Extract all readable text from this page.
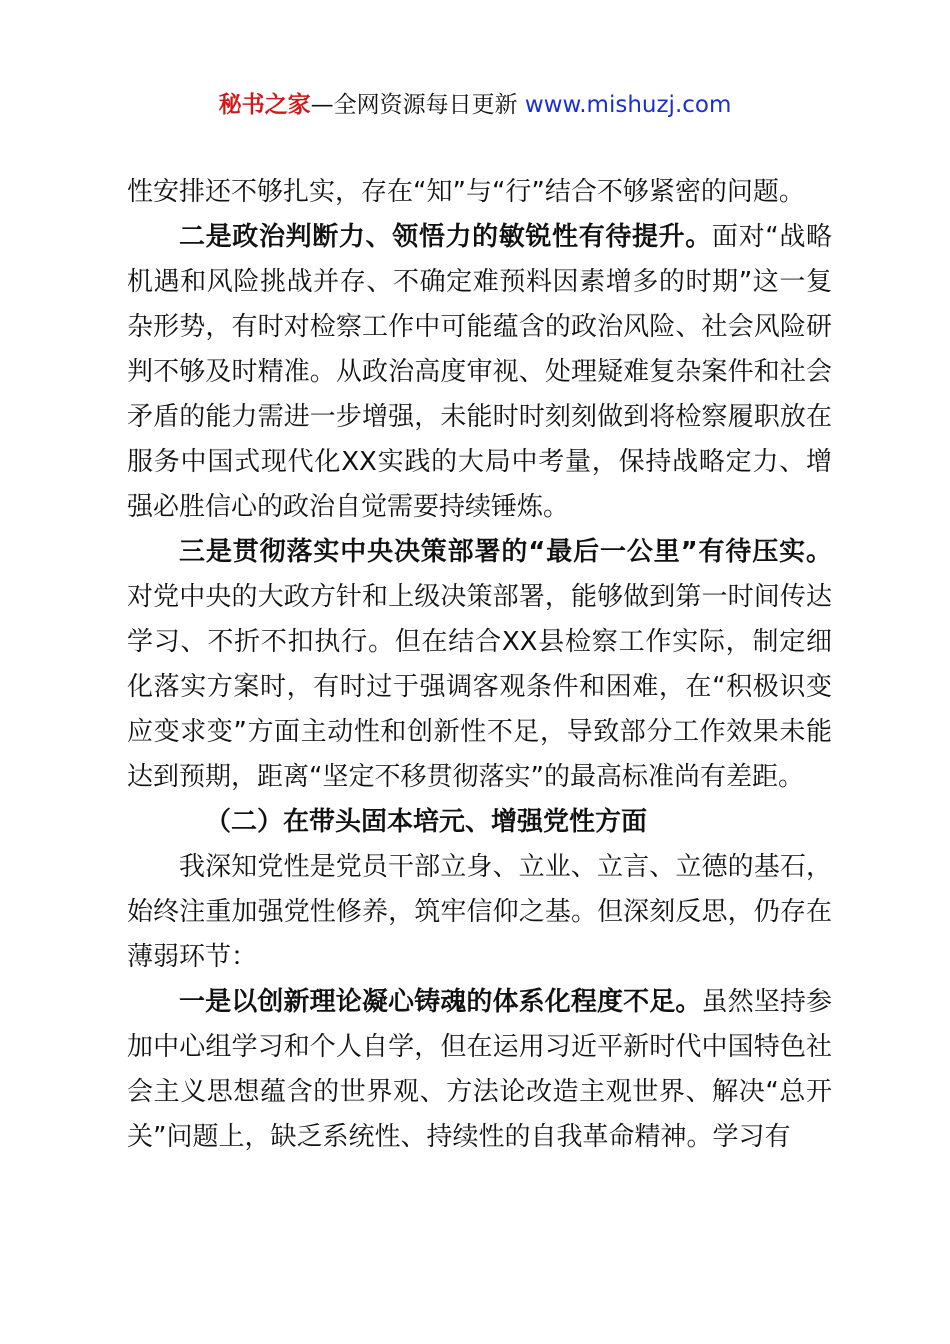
秘书之家—全网资源每日更新 www.mishuzj.com

性安排还不够扎实，存在“知”与“行”结合不够紧密的问题。

二是政治判断力、领悟力的敏锐性有待提升。面对“战略机遇和风险挑战并存、不确定难预料因素增多的时期”这一复杂形势，有时对检察工作中可能蕴含的政治风险、社会风险研判不够及时精准。从政治高度审视、处理疑难复杂案件和社会矛盾的能力需进一步增强，未能时时刻刻做到将检察履职放在服务中国式现代化XX实践的大局中考量，保持战略定力、增强必胜信心的政治自觉需要持续锤炼。

三是贯彻落实中央决策部署的“最后一公里”有待压实。对党中央的大政方针和上级决策部署，能够做到第一时间传达学习、不折不扣执行。但在结合XX县检察工作实际，制定细化落实方案时，有时过于强调客观条件和困难，在“积极识变应变求变”方面主动性和创新性不足，导致部分工作效果未能达到预期，距离“坚定不移贯彻落实”的最高标准尚有差距。

（二）在带头固本培元、增强党性方面

我深知党性是党员干部立身、立业、立言、立德的基石，始终注重加强党性修养，筑牢信仰之基。但深刻反思，仍存在薄弱环节：

一是以创新理论凝心铸魂的体系化程度不足。虽然坚持参加中心组学习和个人自学，但在运用习近平新时代中国特色社会主义思想蕴含的世界观、方法论改造主观世界、解决“总开关”问题上，缺乏系统性、持续性的自我革命精神。学习有
